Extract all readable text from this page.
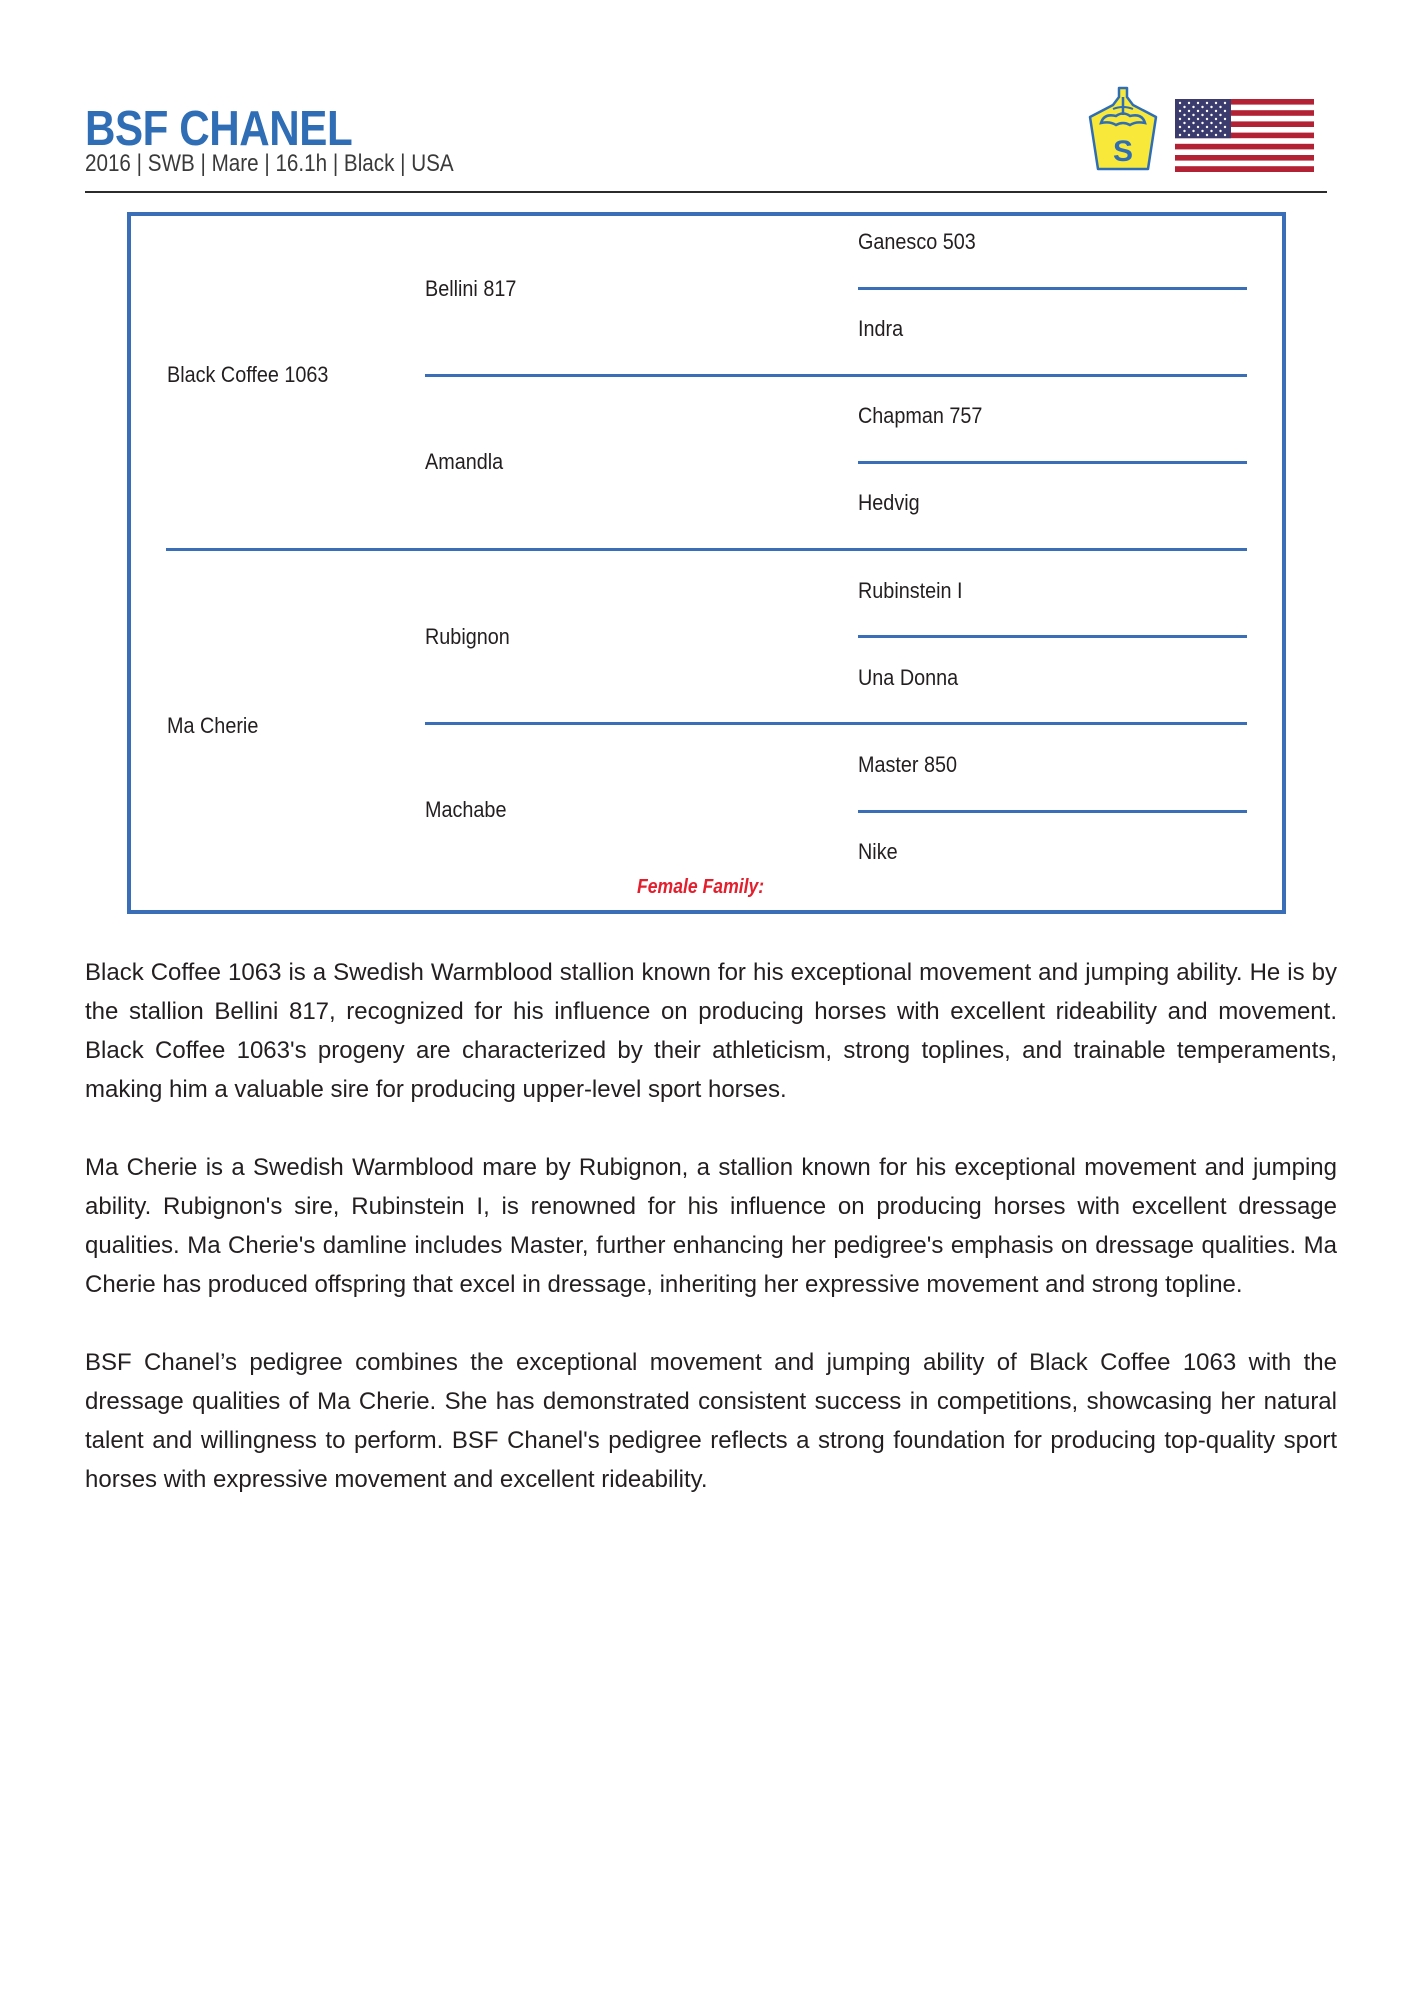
BSF CHANEL
2016 | SWB | Mare | 16.1h | Black | USA	S
Black Coffee 1063
Ma Cherie
Bellini 817
Amandla
Rubignon
Machabe
Ganesco 503
Indra
Chapman 757
Hedvig
Rubinstein I
Una Donna
Master 850
Nike
Female Family:

Black Coffee 1063 is a Swedish Warmblood stallion known for his exceptional movement and jumping ability. He is by the stallion Bellini 817, recognized for his influence on producing horses with excellent rideability and movement. Black Coffee 1063's progeny are characterized by their athleticism, strong toplines, and trainable temperaments, making him a valuable sire for producing upper-level sport horses.

Ma Cherie is a Swedish Warmblood mare by Rubignon, a stallion known for his exceptional movement and jumping ability. Rubignon's sire, Rubinstein I, is renowned for his influence on producing horses with excellent dressage qualities. Ma Cherie's damline includes Master, further enhancing her pedigree's emphasis on dressage qualities. Ma Cherie has produced offspring that excel in dressage, inheriting her expressive movement and strong topline.

BSF Chanel’s pedigree combines the exceptional movement and jumping ability of Black Coffee 1063 with the dressage qualities of Ma Cherie. She has demonstrated consistent success in competitions, showcasing her natural talent and willingness to perform. BSF Chanel's pedigree reflects a strong foundation for producing top-quality sport horses with expressive movement and excellent rideability.
